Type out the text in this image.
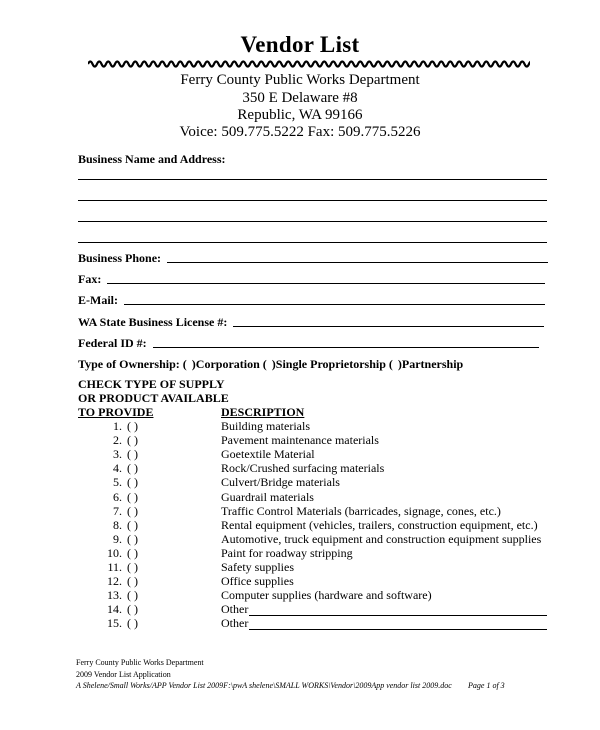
Vendor List
Ferry County Public Works Department
350 E Delaware #8
Republic, WA 99166
Voice: 509.775.5222 Fax: 509.775.5226
Business Name and Address:
Business Phone:
Fax:
E-Mail:
WA State Business License #:
Federal ID #:
Type of Ownership: ( )Corporation ( )Single Proprietorship ( )Partnership
CHECK TYPE OF SUPPLY
OR PRODUCT AVAILABLE
TO PROVIDE	DESCRIPTION
1. ( )	Building materials
2. ( )	Pavement maintenance materials
3. ( )	Goetextile Material
4. ( )	Rock/Crushed surfacing materials
5. ( )	Culvert/Bridge materials
6. ( )	Guardrail materials
7. ( )	Traffic Control Materials (barricades, signage, cones, etc.)
8. ( )	Rental equipment (vehicles, trailers, construction equipment, etc.)
9. ( )	Automotive, truck equipment and construction equipment supplies
10. ( )	Paint for roadway stripping
11. ( )	Safety supplies
12. ( )	Office supplies
13. ( )	Computer supplies (hardware and software)
14. ( )	Other
15. ( )	Other
Ferry County Public Works Department
2009 Vendor List Application
A Shelene/Small Works/APP Vendor List 2009F:\pwA shelene\SMALL WORKS\Vendor\2009App vendor list 2009.doc Page 1 of 3
